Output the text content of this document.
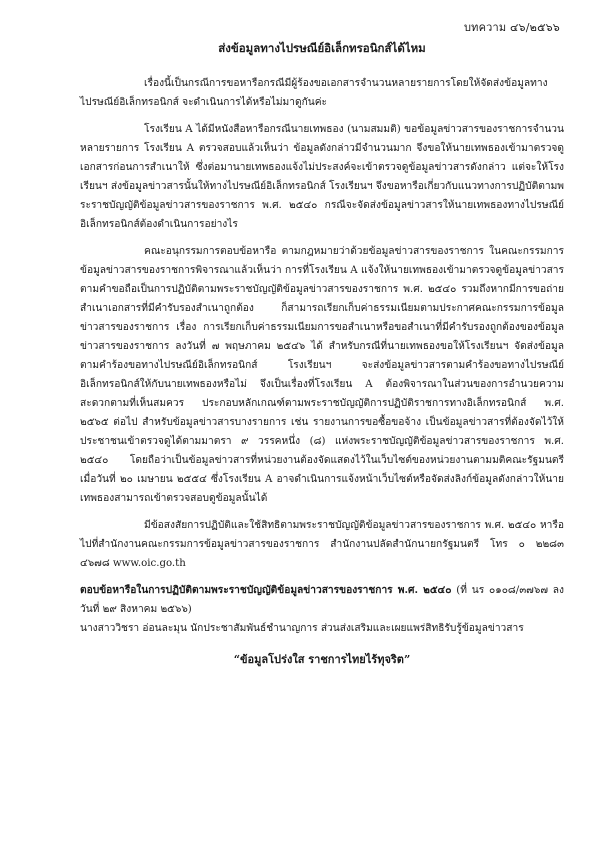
บทความ ๔๖/๒๕๖๖
ส่งข้อมูลทางไปรษณีย์อิเล็กทรอนิกส์ได้ไหม

เรื่องนี้เป็นกรณีการขอหารือกรณีมีผู้ร้องขอเอกสารจำนวนหลายรายการโดยให้จัดส่งข้อมูลทางไปรษณีย์อิเล็กทรอนิกส์ จะดำเนินการได้หรือไม่มาดูกันค่ะ

โรงเรียน A ได้มีหนังสือหารือกรณีนายเทพธอง (นามสมมติ) ขอข้อมูลข่าวสารของราชการจำนวนหลายรายการ โรงเรียน A ตรวจสอบแล้วเห็นว่า ข้อมูลดังกล่าวมีจำนวนมาก จึงขอให้นายเทพธองเข้ามาตรวจดูเอกสารก่อนการสำเนาให้ ซึ่งต่อมานายเทพธองแจ้งไม่ประสงค์จะเข้าตรวจดูข้อมูลข่าวสารดังกล่าว แต่จะให้โรงเรียนฯ ส่งข้อมูลข่าวสารนั้นให้ทางไปรษณีย์อิเล็กทรอนิกส์ โรงเรียนฯ จึงขอหารือเกี่ยวกับแนวทางการปฏิบัติตามพระราชบัญญัติข้อมูลข่าวสารของราชการ พ.ศ. ๒๕๔๐ กรณีจะจัดส่งข้อมูลข่าวสารให้นายเทพธองทางไปรษณีย์อิเล็กทรอนิกส์ต้องดำเนินการอย่างไร

คณะอนุกรรมการตอบข้อหารือ ตามกฎหมายว่าด้วยข้อมูลข่าวสารของราชการ ในคณะกรรมการข้อมูลข่าวสารของราชการพิจารณาแล้วเห็นว่า การที่โรงเรียน A แจ้งให้นายเทพธองเข้ามาตรวจดูข้อมูลข่าวสารตามคำขอถือเป็นการปฏิบัติตามพระราชบัญญัติข้อมูลข่าวสารของราชการ พ.ศ. ๒๕๔๐ รวมถึงหากมีการขอถ่ายสำเนาเอกสารที่มีคำรับรองสำเนาถูกต้อง ก็สามารถเรียกเก็บค่าธรรมเนียมตามประกาศคณะกรรมการข้อมูลข่าวสารของราชการ เรื่อง การเรียกเก็บค่าธรรมเนียมการขอสำเนาหรือขอสำเนาที่มีคำรับรองถูกต้องของข้อมูลข่าวสารของราชการ ลงวันที่ ๗ พฤษภาคม ๒๕๔๖ ได้ สำหรับกรณีที่นายเทพธองขอให้โรงเรียนฯ จัดส่งข้อมูลตามคำร้องขอทางไปรษณีย์อิเล็กทรอนิกส์ โรงเรียนฯ จะส่งข้อมูลข่าวสารตามคำร้องขอทางไปรษณีย์อิเล็กทรอนิกส์ให้กับนายเทพธองหรือไม่ จึงเป็นเรื่องที่โรงเรียน A ต้องพิจารณาในส่วนของการอำนวยความสะดวกตามที่เห็นสมควร ประกอบหลักเกณฑ์ตามพระราชบัญญัติการปฏิบัติราชการทางอิเล็กทรอนิกส์ พ.ศ. ๒๕๖๕ ต่อไป สำหรับข้อมูลข่าวสารบางรายการ เช่น รายงานการขอซื้อขอจ้าง เป็นข้อมูลข่าวสารที่ต้องจัดไว้ให้ประชาชนเข้าตรวจดูได้ตามมาตรา ๙ วรรคหนึ่ง (๘) แห่งพระราชบัญญัติข้อมูลข่าวสารของราชการ พ.ศ. ๒๕๔๐ โดยถือว่าเป็นข้อมูลข่าวสารที่หน่วยงานต้องจัดแสดงไว้ในเว็บไซต์ของหน่วยงานตามมติคณะรัฐมนตรี เมื่อวันที่ ๒๐ เมษายน ๒๕๕๔ ซึ่งโรงเรียน A อาจดำเนินการแจ้งหน้าเว็บไซต์หรือจัดส่งลิงก์ข้อมูลดังกล่าวให้นายเทพธองสามารถเข้าตรวจสอบดูข้อมูลนั้นได้

มีข้อสงสัยการปฏิบัติและใช้สิทธิตามพระราชบัญญัติข้อมูลข่าวสารของราชการ พ.ศ. ๒๕๔๐ หารือไปที่สำนักงานคณะกรรมการข้อมูลข่าวสารของราชการ สำนักงานปลัดสำนักนายกรัฐมนตรี โทร ๐ ๒๒๘๓ ๔๖๗๘ www.oic.go.th

ตอบข้อหารือในการปฏิบัติตามพระราชบัญญัติข้อมูลข่าวสารของราชการ พ.ศ. ๒๕๔๐ (ที่ นร ๐๑๐๘/๓๗๖๗ ลงวันที่ ๒๙ สิงหาคม ๒๕๖๖)

นางสาววิชรา อ่อนละมุน นักประชาสัมพันธ์ชำนาญการ ส่วนส่งเสริมและเผยแพร่สิทธิรับรู้ข้อมูลข่าวสาร

“ข้อมูลโปร่งใส ราชการไทยไร้ทุจริต”
